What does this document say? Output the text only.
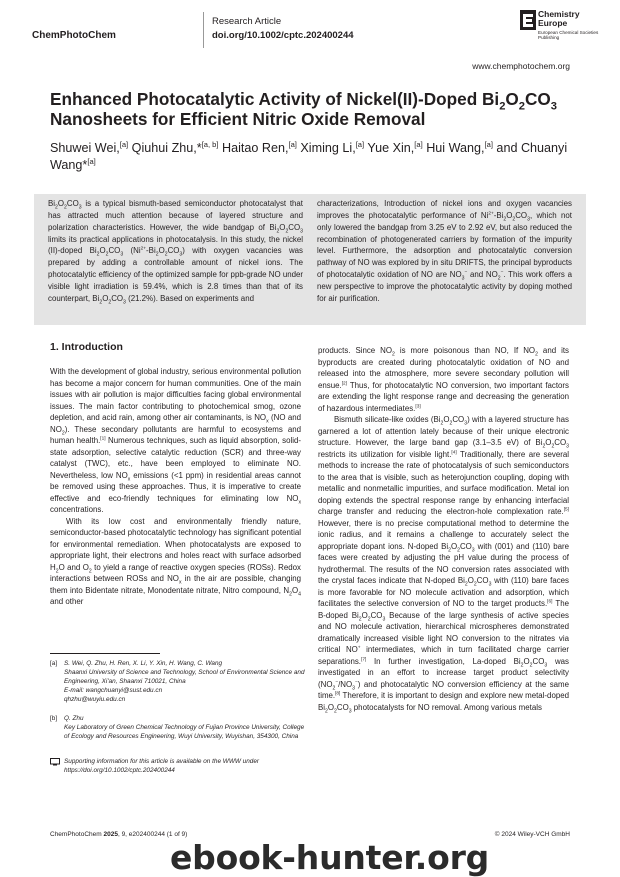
ChemPhotoChem
Research Article
doi.org/10.1002/cptc.202400244
Chemistry Europe
European Chemical Societies Publishing
www.chemphotochem.org
Enhanced Photocatalytic Activity of Nickel(II)-Doped $Bi_2O_2CO_3$ Nanosheets for Efficient Nitric Oxide Removal
Shuwei Wei,[a] Qiuhui Zhu,*[a, b] Haitao Ren,[a] Ximing Li,[a] Yue Xin,[a] Hui Wang,[a] and Chuanyi Wang*[a]

$Bi_2O_2CO_3$ is a typical bismuth-based semiconductor photocatalyst that has attracted much attention because of layered structure and polarization characteristics. However, the wide bandgap of $Bi_2O_2CO_3$ limits its practical applications in photocatalysis. In this study, the nickel (II)-doped $Bi_2O_2CO_3$ $(Ni^{2+}-Bi_2O_2CO_3)$ with oxygen vacancies was prepared by adding a controllable amount of nickel ions. The photocatalytic efficiency of the optimized sample for ppb-grade NO under visible light irradiation is 59.4%, which is 2.8 times than that of its counterpart, $Bi_2O_2CO_3$ (21.2%). Based on experiments and

characterizations, Introduction of nickel ions and oxygen vacancies improves the photocatalytic performance of $Ni^{2+}-Bi_2O_2CO_3$, which not only lowered the bandgap from 3.25 eV to 2.92 eV, but also reduced the recombination of photogenerated carriers by formation of the impurity level. Furthermore, the adsorption and photocatalytic conversion pathway of NO was explored by in situ DRIFTS, the principal byproducts of photocatalytic oxidation of NO are $NO_3^-$ and $NO_2^-$. This work offers a new perspective to improve the photocatalytic activity by doping mothed for air purification.

1. Introduction

With the development of global industry, serious environmental pollution has become a major concern for human communities. One of the main issues with air pollution is major difficulties facing global environmental issues. The main factor contributing to photochemical smog, ozone depletion, and acid rain, among other air contaminants, is $NO_x$ (NO and $NO_2$). These secondary pollutants are harmful to ecosystems and human health.[1] Numerous techniques, such as liquid absorption, solid-state adsorption, selective catalytic reduction (SCR) and three-way catalyst (TWC), etc., have been employed to eliminate NO. Nevertheless, low $NO_x$ emissions (<1 ppm) in residential areas cannot be removed using these approaches. Thus, it is imperative to create effective and eco-friendly techniques for eliminating low $NO_x$ concentrations.

With its low cost and environmentally friendly nature, semiconductor-based photocatalytic technology has significant potential for environmental remediation. When photocatalysts are exposed to appropriate light, their electrons and holes react with surface adsorbed $H_2O$ and $O_2$ to yield a range of reactive oxygen species (ROSs). Redox interactions between ROSs and $NO_x$ in the air are possible, changing them into Bidentate nitrate, Monodentate nitrate, Nitro compound, $N_2O_4$ and other

products. Since $NO_2$ is more poisonous than NO, If $NO_2$ and its byproducts are created during photocatalytic oxidation of NO and released into the atmosphere, more severe secondary pollution will ensue.[2] Thus, for photocatalytic NO conversion, two important factors are extending the light response range and decreasing the generation of hazardous intermediates.[3]

Bismuth silicate-like oxides $(Bi_2O_2CO_3)$ with a layered structure has garnered a lot of attention lately because of their unique electronic structure. However, the large band gap (3.1–3.5 eV) of $Bi_2O_2CO_3$ restricts its utilization for visible light.[4] Traditionally, there are several methods to increase the rate of photocatalysis of such semiconductors to the area that is visible, such as heterojunction coupling, doping with metallic and nonmetallic impurities, and surface modification. Metal ion doping extends the spectral response range by enhancing interfacial charge transfer and reducing the electron-hole complexation rate.[5] However, there is no precise computational method to determine the ionic radius, and it remains a challenge to accurately select the appropriate dopant ions. N-doped $Bi_2O_2CO_3$ with (001) and (110) bare faces were created by adjusting the pH value during the process of hydrothermal. The results of the NO conversion rates associated with the crystal faces indicate that N-doped $Bi_2O_2CO_3$ with (110) bare faces is more favorable for NO molecule activation and adsorption, which facilitates the selective conversion of NO to the target products.[6] The B-doped $Bi_2O_2CO_3$ Because of the large synthesis of active species and NO molecule activation, hierarchical microspheres demonstrated dramatically increased visible light NO conversion to the nitrates via critical NO+ intermediates, which in turn facilitated charge carrier separations.[7] In further investigation, La-doped $Bi_2O_2CO_3$ was investigated in an effort to increase target product selectivity $(NO_2^-/NO_3^-)$ and photocatalytic NO conversion efficiency at the same time.[8] Therefore, it is important to design and explore new metal-doped $Bi_2O_2CO_3$ photocatalysts for NO removal. Among various metals

[a] S. Wei, Q. Zhu, H. Ren, X. Li, Y. Xin, H. Wang, C. Wang
Shaanxi University of Science and Technology, School of Environmental Science and Engineering, Xi'an, Shaanxi 710021, China
E-mail: wangchuanyi@sust.edu.cn
qhzhu@wuyiu.edu.cn
[b] Q. Zhu
Key Laboratory of Green Chemical Technology of Fujian Province University, College of Ecology and Resources Engineering, Wuyi University, Wuyishan, 354300, China
Supporting information for this article is available on the WWW under https://doi.org/10.1002/cptc.202400244
ChemPhotoChem 2025, 9, e202400244 (1 of 9)	© 2024 Wiley-VCH GmbH
ebook-hunter.org
